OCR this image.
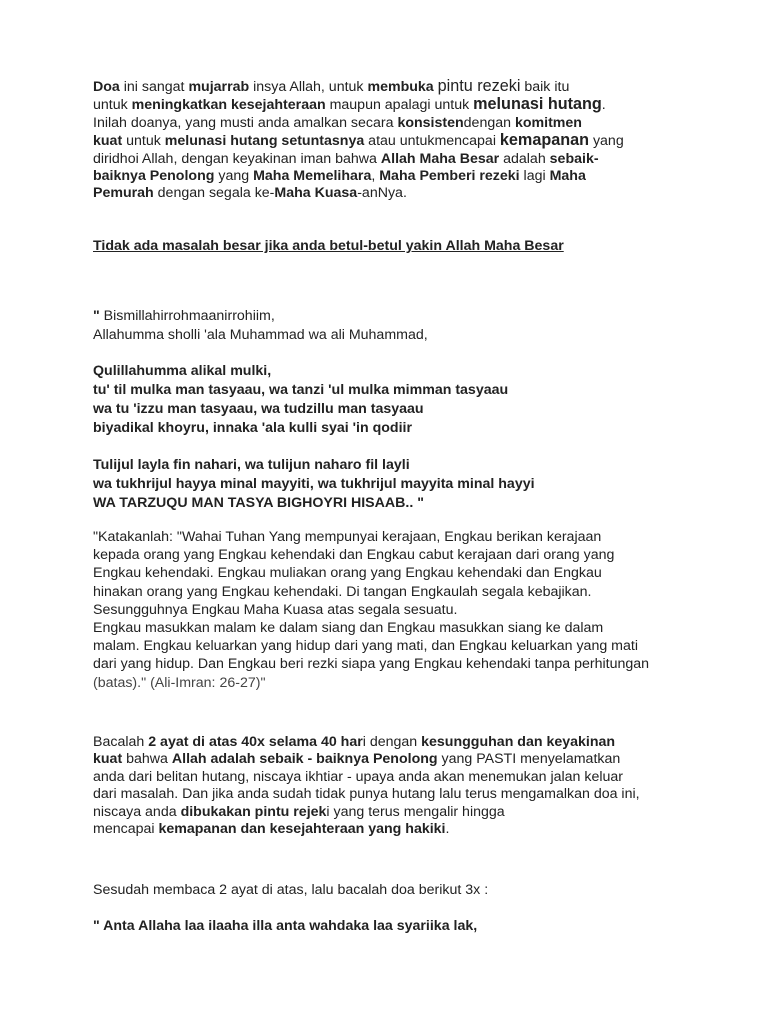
Doa ini sangat mujarrab insya Allah, untuk membuka pintu rezeki baik itu

untuk meningkatkan kesejahteraan maupun apalagi untuk melunasi hutang.

Inilah doanya, yang musti anda amalkan secara konsistendengan komitmen

kuat untuk melunasi hutang setuntasnya atau untukmencapai kemapanan yang

diridhoi Allah, dengan keyakinan iman bahwa Allah Maha Besar adalah sebaik-

baiknya Penolong yang Maha Memelihara, Maha Pemberi rezeki lagi Maha

Pemurah dengan segala ke-Maha Kuasa-anNya.

Tidak ada masalah besar jika anda betul-betul yakin Allah Maha Besar

" Bismillahirrohmaanirrohiim,

Allahumma sholli 'ala Muhammad wa ali Muhammad,

Qulillahumma alikal mulki,

tu' til mulka man tasyaau, wa tanzi 'ul mulka mimman tasyaau

wa tu 'izzu man tasyaau, wa tudzillu man tasyaau

biyadikal khoyru, innaka 'ala kulli syai 'in qodiir

Tulijul layla fin nahari, wa tulijun naharo fil layli

wa tukhrijul hayya minal mayyiti, wa tukhrijul mayyita minal hayyi

WA TARZUQU MAN TASYA BIGHOYRI HISAAB.. "

"Katakanlah: "Wahai Tuhan Yang mempunyai kerajaan, Engkau berikan kerajaan

kepada orang yang Engkau kehendaki dan Engkau cabut kerajaan dari orang yang

Engkau kehendaki. Engkau muliakan orang yang Engkau kehendaki dan Engkau

hinakan orang yang Engkau kehendaki. Di tangan Engkaulah segala kebajikan.

Sesungguhnya Engkau Maha Kuasa atas segala sesuatu.

Engkau masukkan malam ke dalam siang dan Engkau masukkan siang ke dalam

malam. Engkau keluarkan yang hidup dari yang mati, dan Engkau keluarkan yang mati

dari yang hidup. Dan Engkau beri rezki siapa yang Engkau kehendaki tanpa perhitungan

(batas)." (Ali-Imran: 26-27)"

Bacalah 2 ayat di atas 40x selama 40 hari dengan kesungguhan dan keyakinan

kuat bahwa Allah adalah sebaik - baiknya Penolong yang PASTI menyelamatkan

anda dari belitan hutang, niscaya ikhtiar - upaya anda akan menemukan jalan keluar

dari masalah. Dan jika anda sudah tidak punya hutang lalu terus mengamalkan doa ini,

niscaya anda dibukakan pintu rejeki yang terus mengalir hingga

mencapai kemapanan dan kesejahteraan yang hakiki.

Sesudah membaca 2 ayat di atas, lalu bacalah doa berikut 3x :

" Anta Allaha laa ilaaha illa anta wahdaka laa syariika lak,
